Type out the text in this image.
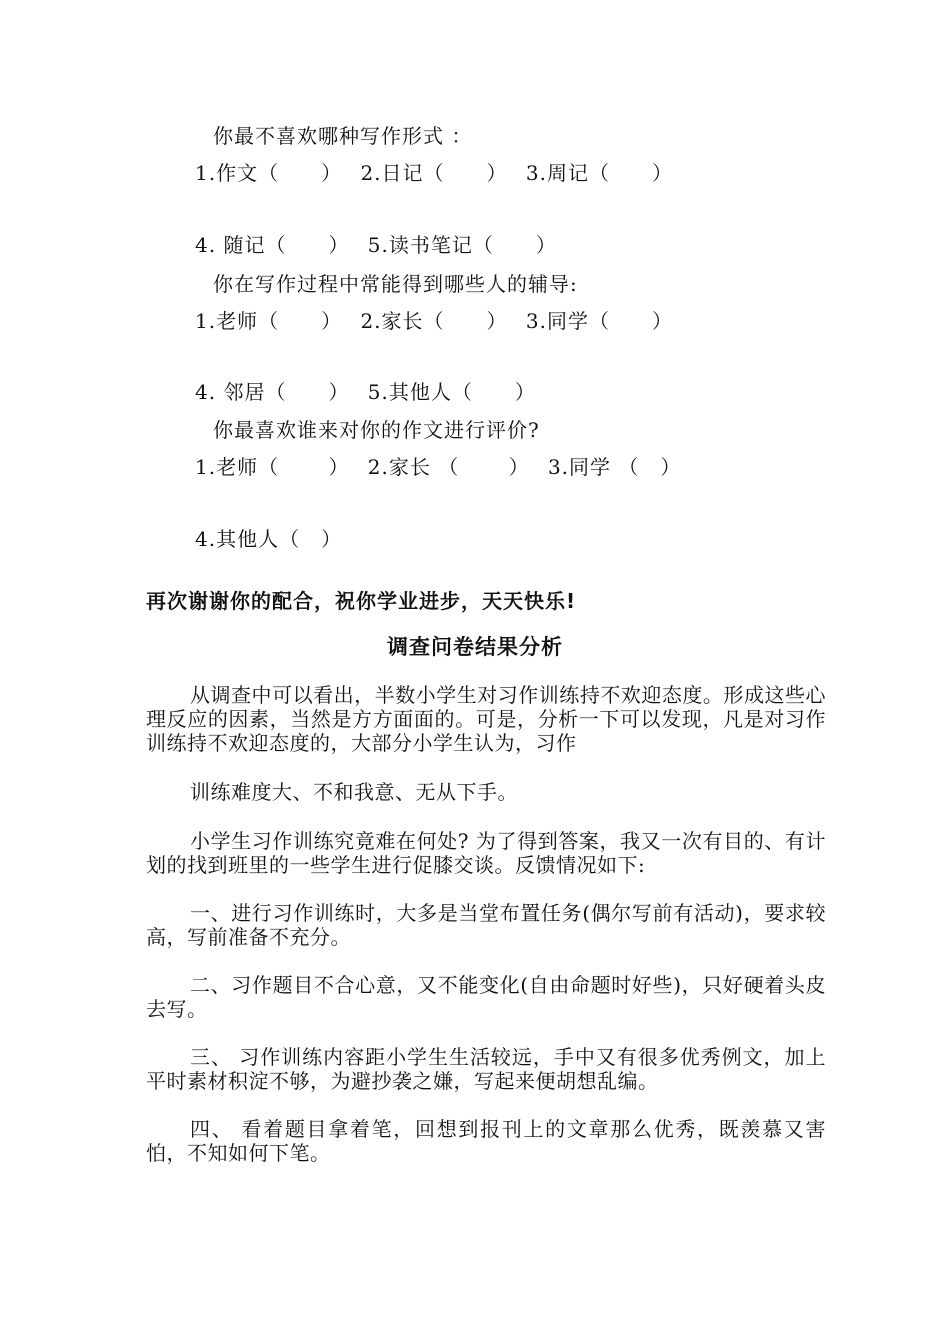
你最不喜欢哪种写作形式 ：
1.作文（　　）　 2.日记（　　）　 3.周记（　　）
4. 随记（　　）　 5.读书笔记（　　）
你在写作过程中常能得到哪些人的辅导:
1.老师（　　）　 2.家长（　　）　 3.同学（　　）
4. 邻居（　　）　 5.其他人（　　）
你最喜欢谁来对你的作文进行评价?
1.老师（　　 ）　 2.家长 （　　 ）　 3.同学 （　）
4.其他人（　）
再次谢谢你的配合，祝你学业进步，天天快乐!
调查问卷结果分析
从调查中可以看出，半数小学生对习作训练持不欢迎态度。形成这些心理反应的因素，当然是方方面面的。可是，分析一下可以发现，凡是对习作训练持不欢迎态度的，大部分小学生认为，习作
训练难度大、不和我意、无从下手。
小学生习作训练究竟难在何处? 为了得到答案，我又一次有目的、有计划的找到班里的一些学生进行促膝交谈。反馈情况如下:
一、进行习作训练时，大多是当堂布置任务(偶尔写前有活动)，要求较高，写前准备不充分。
二、习作题目不合心意，又不能变化(自由命题时好些)，只好硬着头皮去写。
三、 习作训练内容距小学生生活较远，手中又有很多优秀例文，加上平时素材积淀不够，为避抄袭之嫌，写起来便胡想乱编。
四、 看着题目拿着笔，回想到报刊上的文章那么优秀，既羡慕又害怕，不知如何下笔。
